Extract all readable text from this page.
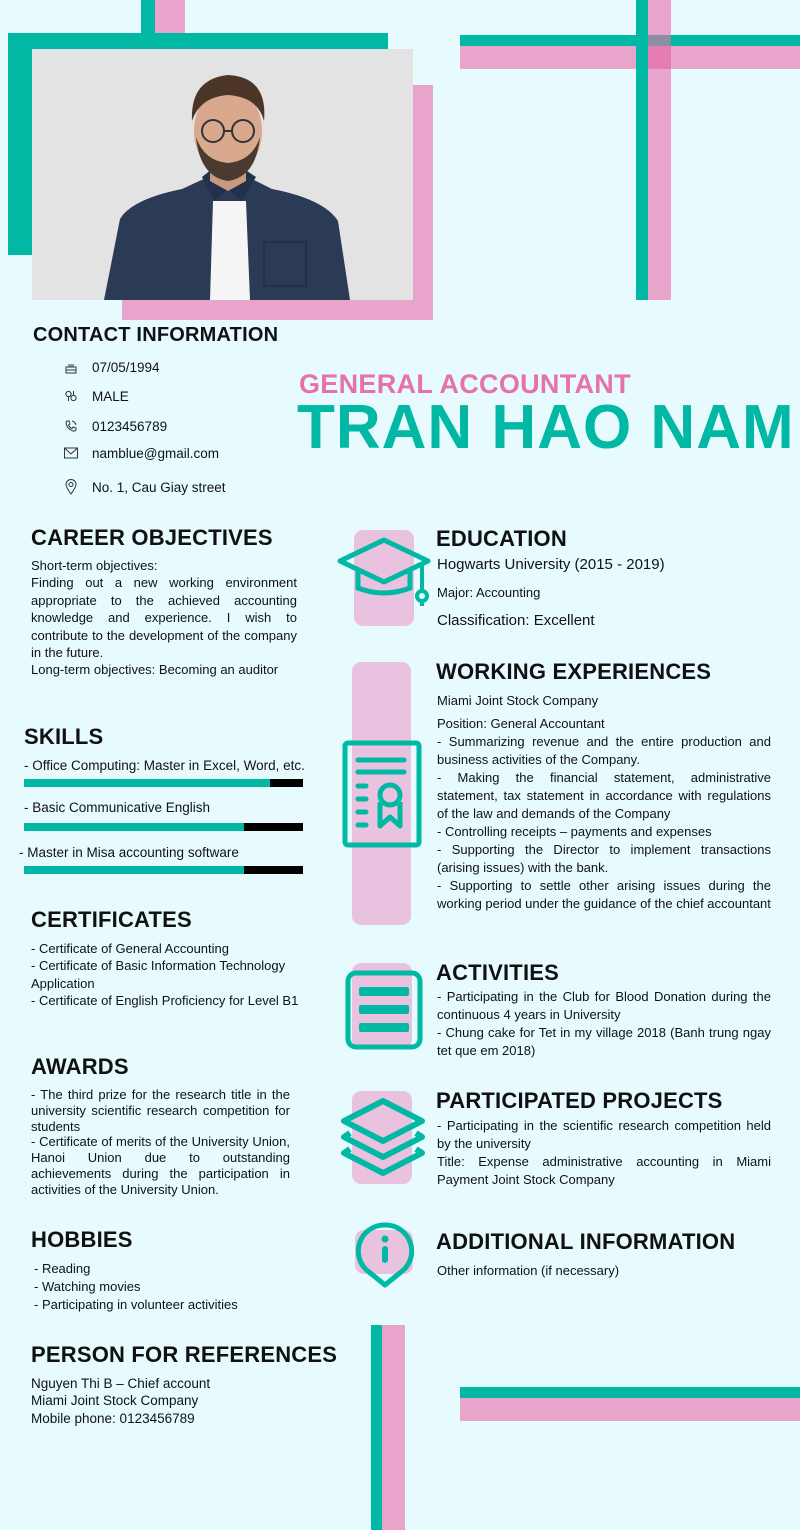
CONTACT INFORMATION
07/05/1994
MALE
0123456789
namblue@gmail.com
No. 1, Cau Giay street
GENERAL ACCOUNTANT
TRAN HAO NAM
CAREER OBJECTIVES
Short-term objectives:
Finding out a new working environment appropriate to the achieved accounting knowledge and experience. I wish to contribute to the development of the company in the future.
Long-term objectives: Becoming an auditor
SKILLS
- Office Computing: Master in Excel, Word, etc.
- Basic Communicative English
- Master in Misa accounting software
CERTIFICATES
- Certificate of General Accounting
- Certificate of Basic Information Technology Application
- Certificate of English Proficiency for Level B1
AWARDS
- The third prize for the research title in the university scientific research competition for students
- Certificate of merits of the University Union, Hanoi Union due to outstanding achievements during the participation in activities of the University Union.
HOBBIES
- Reading
- Watching movies
- Participating in volunteer activities
PERSON FOR REFERENCES
Nguyen Thi B – Chief account
Miami Joint Stock Company
Mobile phone: 0123456789
EDUCATION
Hogwarts University (2015 - 2019)
Major: Accounting
Classification: Excellent
WORKING EXPERIENCES
Miami Joint Stock Company
Position: General Accountant
- Summarizing revenue and the entire production and business activities of the Company.
- Making the financial statement, administrative statement, tax statement in accordance with regulations of the law and demands of the Company
- Controlling receipts – payments and expenses
- Supporting the Director to implement transactions (arising issues) with the bank.
- Supporting to settle other arising issues during the working period under the guidance of the chief accountant
ACTIVITIES
- Participating in the Club for Blood Donation during the continuous 4 years in University
- Chung cake for Tet in my village 2018 (Banh trung ngay tet que em 2018)
PARTICIPATED PROJECTS
- Participating in the scientific research competition held by the university
Title: Expense administrative accounting in Miami Payment Joint Stock Company
ADDITIONAL INFORMATION
Other information (if necessary)
